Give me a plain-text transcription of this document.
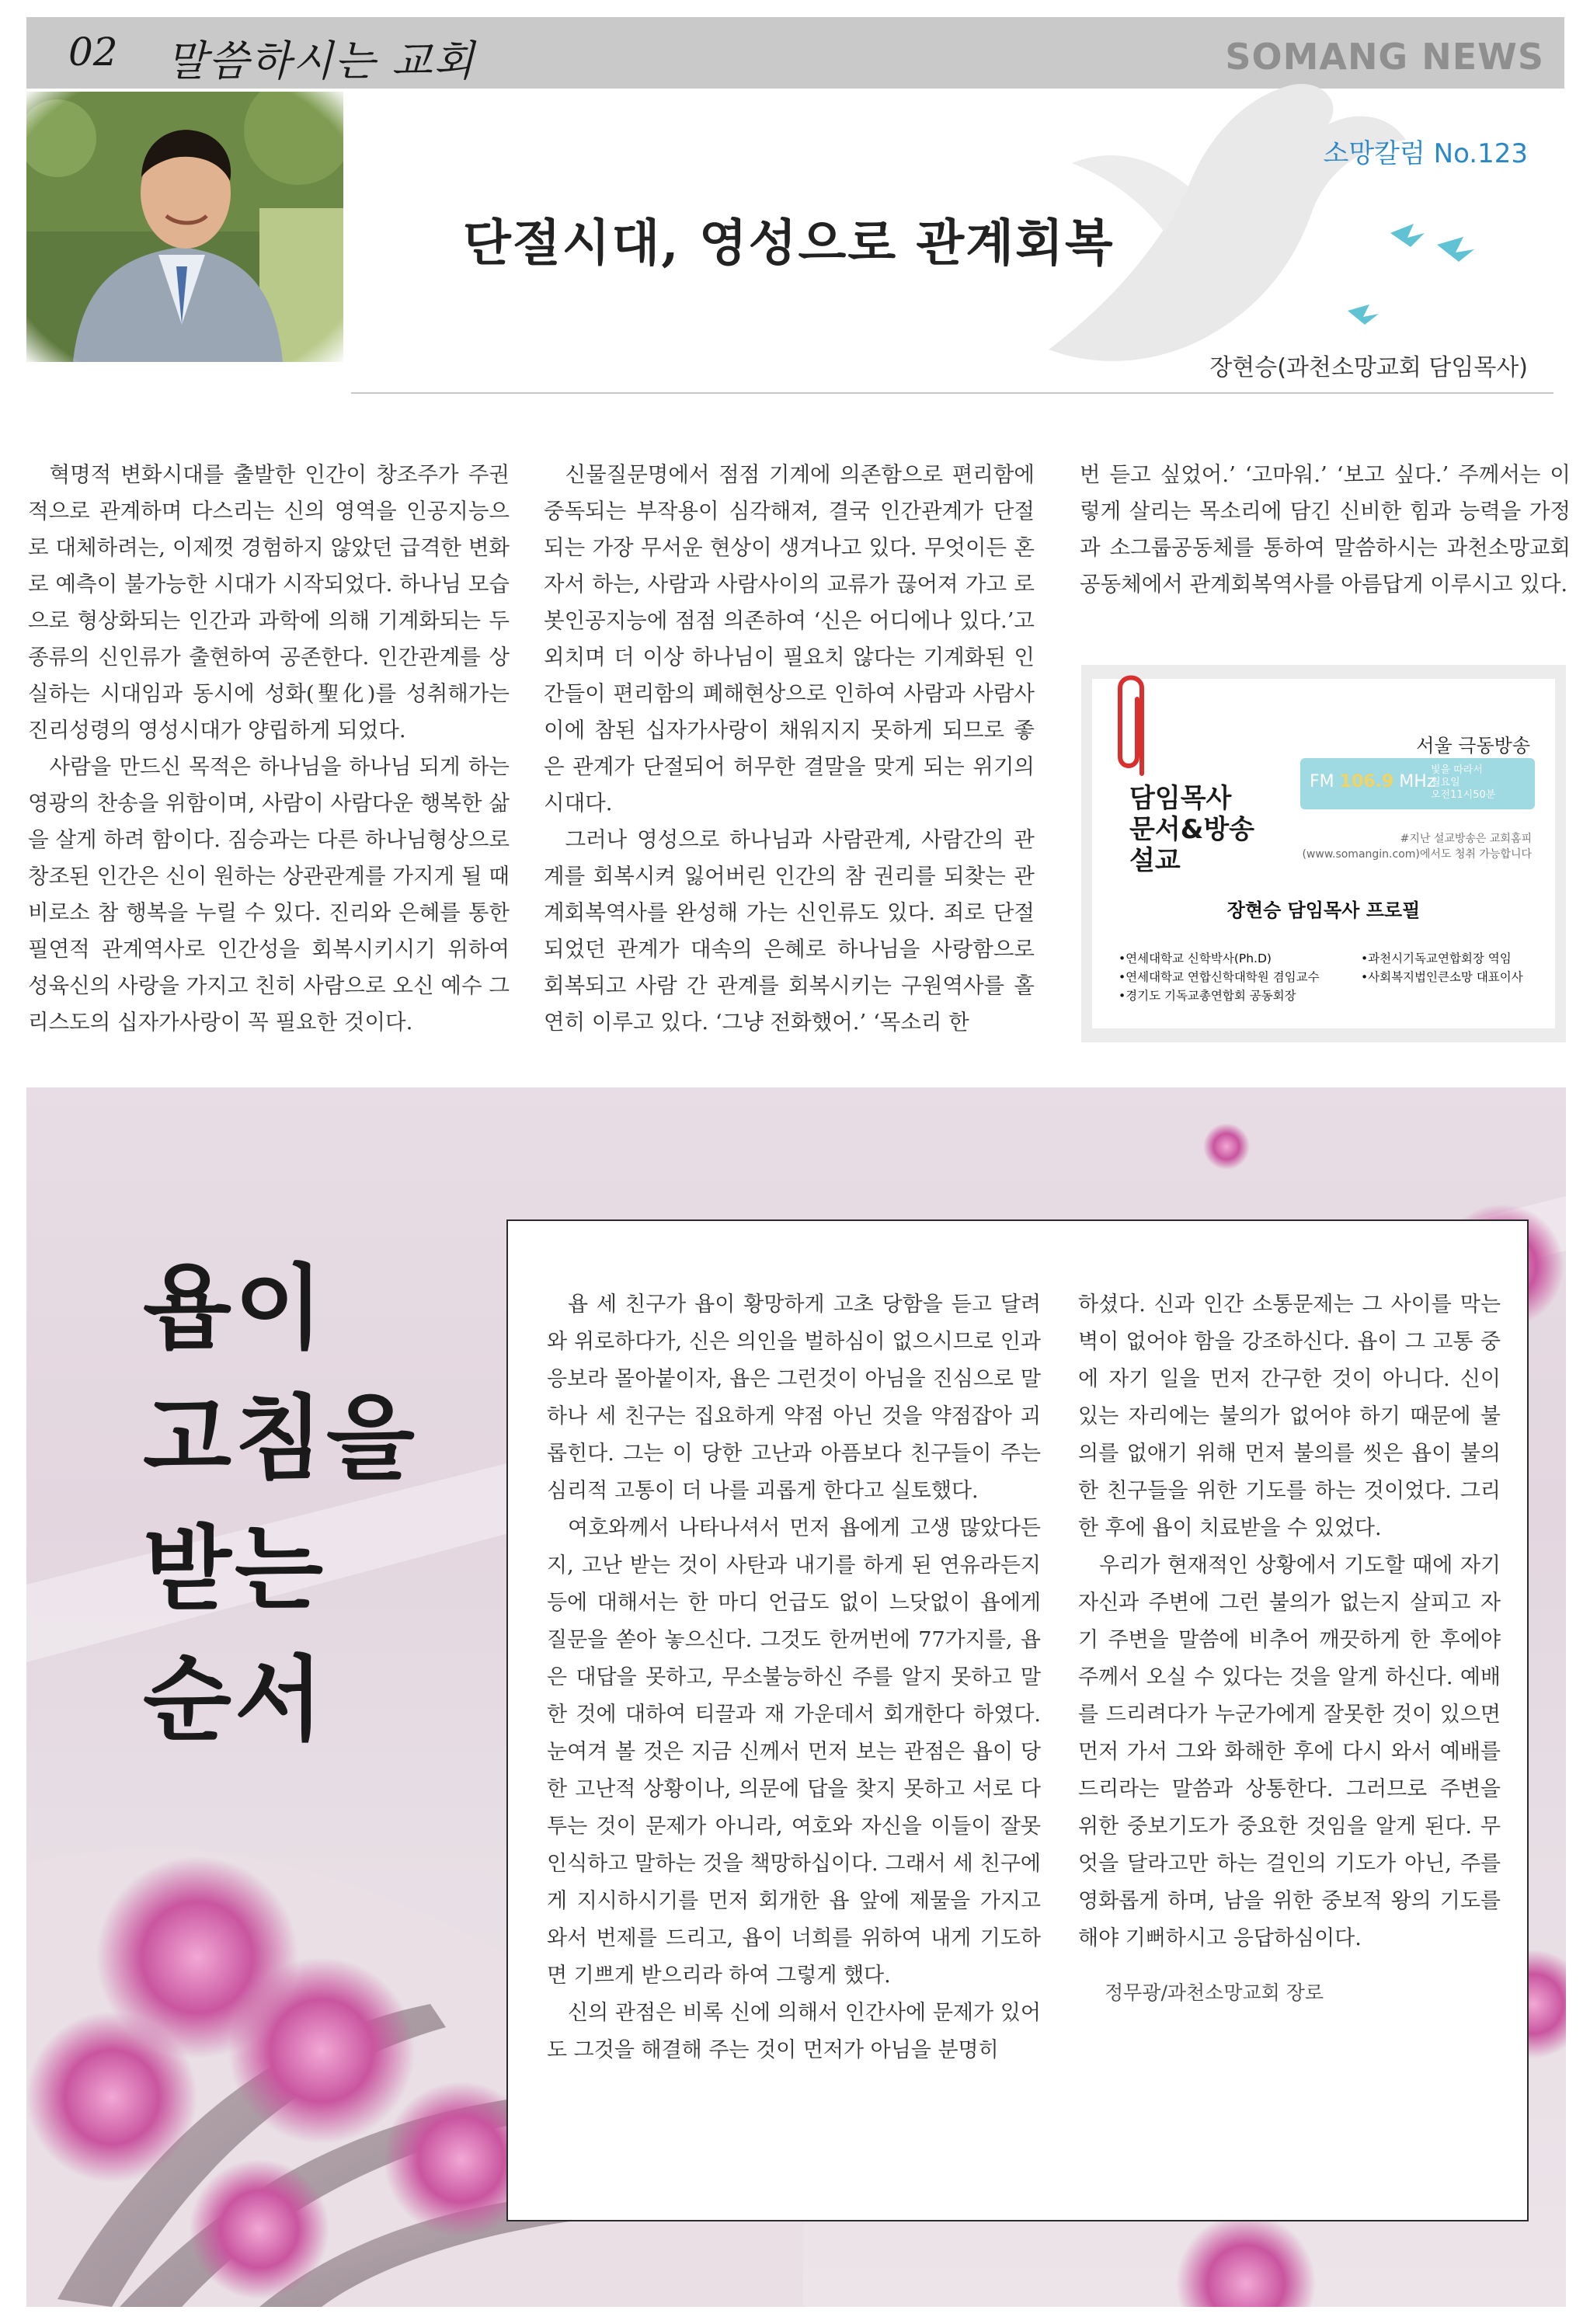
02 말씀하시는 교회	SOMANG NEWS
소망칼럼 No.123
단절시대, 영성으로 관계회복
장현승(과천소망교회 담임목사)

혁명적 변화시대를 출발한 인간이 창조주가 주권적으로 관계하며 다스리는 신의 영역을 인공지능으로 대체하려는, 이제껏 경험하지 않았던 급격한 변화로 예측이 불가능한 시대가 시작되었다. 하나님 모습으로 형상화되는 인간과 과학에 의해 기계화되는 두 종류의 신인류가 출현하여 공존한다. 인간관계를 상실하는 시대임과 동시에 성화(聖化)를 성취해가는 진리성령의 영성시대가 양립하게 되었다.

사람을 만드신 목적은 하나님을 하나님 되게 하는 영광의 찬송을 위함이며, 사람이 사람다운 행복한 삶을 살게 하려 함이다. 짐승과는 다른 하나님형상으로 창조된 인간은 신이 원하는 상관관계를 가지게 될 때 비로소 참 행복을 누릴 수 있다. 진리와 은혜를 통한 필연적 관계역사로 인간성을 회복시키시기 위하여 성육신의 사랑을 가지고 친히 사람으로 오신 예수 그리스도의 십자가사랑이 꼭 필요한 것이다.

신물질문명에서 점점 기계에 의존함으로 편리함에 중독되는 부작용이 심각해져, 결국 인간관계가 단절되는 가장 무서운 현상이 생겨나고 있다. 무엇이든 혼자서 하는, 사람과 사람사이의 교류가 끊어져 가고 로봇인공지능에 점점 의존하여 ‘신은 어디에나 있다.’고 외치며 더 이상 하나님이 필요치 않다는 기계화된 인간들이 편리함의 폐해현상으로 인하여 사람과 사람사이에 참된 십자가사랑이 채워지지 못하게 되므로 좋은 관계가 단절되어 허무한 결말을 맞게 되는 위기의 시대다.

그러나 영성으로 하나님과 사람관계, 사람간의 관계를 회복시켜 잃어버린 인간의 참 권리를 되찾는 관계회복역사를 완성해 가는 신인류도 있다. 죄로 단절되었던 관계가 대속의 은혜로 하나님을 사랑함으로 회복되고 사람 간 관계를 회복시키는 구원역사를 홀연히 이루고 있다. ‘그냥 전화했어.’ ‘목소리 한

번 듣고 싶었어.’ ‘고마워.’ ‘보고 싶다.’ 주께서는 이렇게 살리는 목소리에 담긴 신비한 힘과 능력을 가정과 소그룹공동체를 통하여 말씀하시는 과천소망교회공동체에서 관계회복역사를 아름답게 이루시고 있다.

담임목사
문서&방송
설교
서울 극동방송
FM 106.9 MHz
빛을 따라서
월요일
오전11시50분
#지난 설교방송은 교회홈피
(www.somangin.com)에서도 청취 가능합니다
장현승 담임목사 프로필
•연세대학교 신학박사(Ph.D)
•연세대학교 연합신학대학원 겸임교수
•경기도 기독교총연합회 공동회장
•과천시기독교연합회장 역임
•사회복지법인큰소망 대표이사
욥이
고침을
받는
순서

욥 세 친구가 욥이 황망하게 고초 당함을 듣고 달려와 위로하다가, 신은 의인을 벌하심이 없으시므로 인과응보라 몰아붙이자, 욥은 그런것이 아님을 진심으로 말하나 세 친구는 집요하게 약점 아닌 것을 약점잡아 괴롭힌다. 그는 이 당한 고난과 아픔보다 친구들이 주는 심리적 고통이 더 나를 괴롭게 한다고 실토했다.

여호와께서 나타나셔서 먼저 욥에게 고생 많았다든지, 고난 받는 것이 사탄과 내기를 하게 된 연유라든지 등에 대해서는 한 마디 언급도 없이 느닷없이 욥에게 질문을 쏟아 놓으신다. 그것도 한꺼번에 77가지를, 욥은 대답을 못하고, 무소불능하신 주를 알지 못하고 말한 것에 대하여 티끌과 재 가운데서 회개한다 하였다. 눈여겨 볼 것은 지금 신께서 먼저 보는 관점은 욥이 당한 고난적 상황이나, 의문에 답을 찾지 못하고 서로 다투는 것이 문제가 아니라, 여호와 자신을 이들이 잘못 인식하고 말하는 것을 책망하십이다. 그래서 세 친구에게 지시하시기를 먼저 회개한 욥 앞에 제물을 가지고 와서 번제를 드리고, 욥이 너희를 위하여 내게 기도하면 기쁘게 받으리라 하여 그렇게 했다.

신의 관점은 비록 신에 의해서 인간사에 문제가 있어도 그것을 해결해 주는 것이 먼저가 아님을 분명히

하셨다. 신과 인간 소통문제는 그 사이를 막는 벽이 없어야 함을 강조하신다. 욥이 그 고통 중에 자기 일을 먼저 간구한 것이 아니다. 신이 있는 자리에는 불의가 없어야 하기 때문에 불의를 없애기 위해 먼저 불의를 씻은 욥이 불의한 친구들을 위한 기도를 하는 것이었다. 그리한 후에 욥이 치료받을 수 있었다.

우리가 현재적인 상황에서 기도할 때에 자기 자신과 주변에 그런 불의가 없는지 살피고 자기 주변을 말씀에 비추어 깨끗하게 한 후에야 주께서 오실 수 있다는 것을 알게 하신다. 예배를 드리려다가 누군가에게 잘못한 것이 있으면 먼저 가서 그와 화해한 후에 다시 와서 예배를 드리라는 말씀과 상통한다. 그러므로 주변을 위한 중보기도가 중요한 것임을 알게 된다. 무엇을 달라고만 하는 걸인의 기도가 아닌, 주를 영화롭게 하며, 남을 위한 중보적 왕의 기도를 해야 기뻐하시고 응답하심이다.

정무광/과천소망교회 장로
